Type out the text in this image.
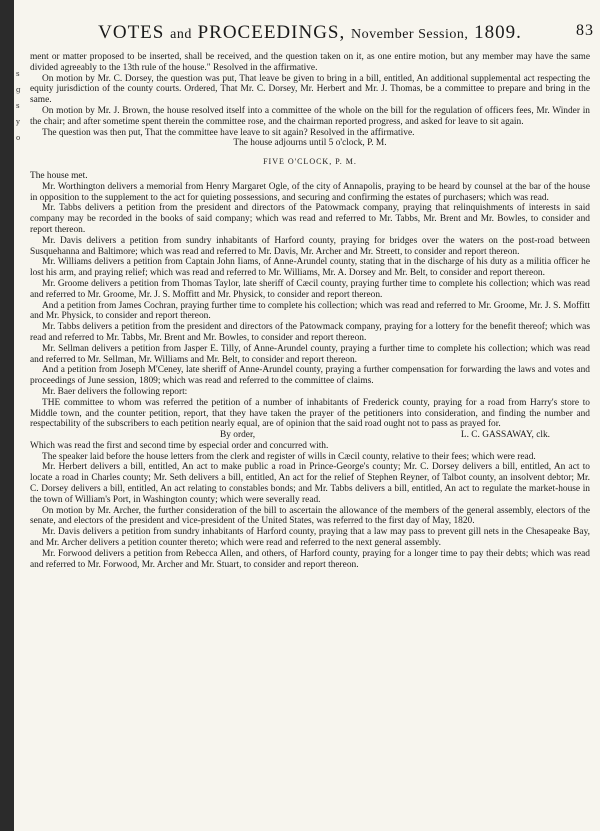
s
g
s
y
o
VOTES
and
PROCEEDINGS,
November Session,
1809.	83

ment or matter proposed to be inserted, shall be received, and the question taken on it, as one entire motion, but any member may have the same divided agreeably to the 13th rule of the house." Resolved in the affirmative.

On motion by Mr. C. Dorsey, the question was put, That leave be given to bring in a bill, entitled, An additional supplemental act respecting the equity jurisdiction of the county courts. Ordered, That Mr. C. Dorsey, Mr. Herbert and Mr. J. Thomas, be a committee to prepare and bring in the same.

On motion by Mr. J. Brown, the house resolved itself into a committee of the whole on the bill for the regulation of officers fees, Mr. Winder in the chair; and after sometime spent therein the committee rose, and the chairman reported progress, and asked for leave to sit again.

The question was then put, That the committee have leave to sit again? Resolved in the affirmative.

The house adjourns until 5 o'clock, P. M.

FIVE O'CLOCK, P. M.

The house met.

Mr. Worthington delivers a memorial from Henry Margaret Ogle, of the city of Annapolis, praying to be heard by counsel at the bar of the house in opposition to the supplement to the act for quieting possessions, and securing and confirming the estates of purchasers; which was read.

Mr. Tabbs delivers a petition from the president and directors of the Patowmack company, praying that relinquishments of interests in said company may be recorded in the books of said company; which was read and referred to Mr. Tabbs, Mr. Brent and Mr. Bowles, to consider and report thereon.

Mr. Davis delivers a petition from sundry inhabitants of Harford county, praying for bridges over the waters on the post-road between Susquehanna and Baltimore; which was read and referred to Mr. Davis, Mr. Archer and Mr. Streett, to consider and report thereon.

Mr. Williams delivers a petition from Captain John Iiams, of Anne-Arundel county, stating that in the discharge of his duty as a militia officer he lost his arm, and praying relief; which was read and referred to Mr. Williams, Mr. A. Dorsey and Mr. Belt, to consider and report thereon.

Mr. Groome delivers a petition from Thomas Taylor, late sheriff of Cæcil county, praying further time to complete his collection; which was read and referred to Mr. Groome, Mr. J. S. Moffitt and Mr. Physick, to consider and report thereon.

And a petition from James Cochran, praying further time to complete his collection; which was read and referred to Mr. Groome, Mr. J. S. Moffitt and Mr. Physick, to consider and report thereon.

Mr. Tabbs delivers a petition from the president and directors of the Patowmack company, praying for a lottery for the benefit thereof; which was read and referred to Mr. Tabbs, Mr. Brent and Mr. Bowles, to consider and report thereon.

Mr. Sellman delivers a petition from Jasper E. Tilly, of Anne-Arundel county, praying a further time to complete his collection; which was read and referred to Mr. Sellman, Mr. Williams and Mr. Belt, to consider and report thereon.

And a petition from Joseph M'Ceney, late sheriff of Anne-Arundel county, praying a further compensation for forwarding the laws and votes and proceedings of June session, 1809; which was read and referred to the committee of claims.

Mr. Baer delivers the following report:

THE committee to whom was referred the petition of a number of inhabitants of Frederick county, praying for a road from Harry's store to Middle town, and the counter petition, report, that they have taken the prayer of the petitioners into consideration, and finding the number and respectability of the subscribers to each petition nearly equal, are of opinion that the said road ought not to pass as prayed for.

By order,	L. C. GASSAWAY, clk.

Which was read the first and second time by especial order and concurred with.

The speaker laid before the house letters from the clerk and register of wills in Cæcil county, relative to their fees; which were read.

Mr. Herbert delivers a bill, entitled, An act to make public a road in Prince-George's county; Mr. C. Dorsey delivers a bill, entitled, An act to locate a road in Charles county; Mr. Seth delivers a bill, entitled, An act for the relief of Stephen Reyner, of Talbot county, an insolvent debtor; Mr. C. Dorsey delivers a bill, entitled, An act relating to constables bonds; and Mr. Tabbs delivers a bill, entitled, An act to regulate the market-house in the town of William's Port, in Washington county; which were severally read.

On motion by Mr. Archer, the further consideration of the bill to ascertain the allowance of the members of the general assembly, electors of the senate, and electors of the president and vice-president of the United States, was referred to the first day of May, 1820.

Mr. Davis delivers a petition from sundry inhabitants of Harford county, praying that a law may pass to prevent gill nets in the Chesapeake Bay, and Mr. Archer delivers a petition counter thereto; which were read and referred to the next general assembly.

Mr. Forwood delivers a petition from Rebecca Allen, and others, of Harford county, praying for a longer time to pay their debts; which was read and referred to Mr. Forwood, Mr. Archer and Mr. Stuart, to consider and report thereon.
